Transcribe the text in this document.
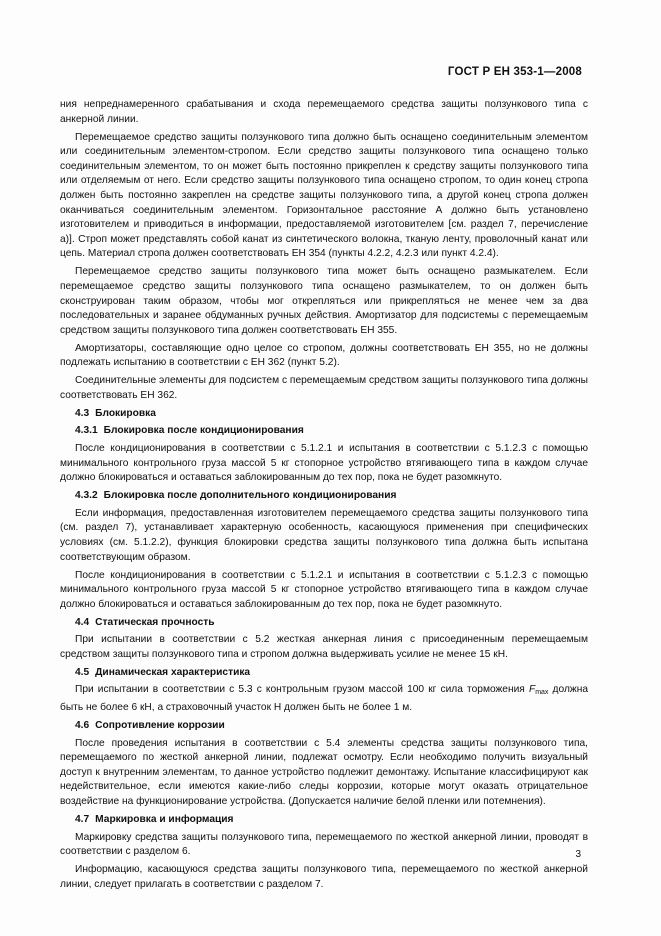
ГОСТ Р ЕН 353-1—2008

ния непреднамеренного срабатывания и схода перемещаемого средства защиты ползункового типа с анкерной линии.

Перемещаемое средство защиты ползункового типа должно быть оснащено соединительным элементом или соединительным элементом-стропом. Если средство защиты ползункового типа оснащено только соединительным элементом, то он может быть постоянно прикреплен к средству защиты ползункового типа или отделяемым от него. Если средство защиты ползункового типа оснащено стропом, то один конец стропа должен быть постоянно закреплен на средстве защиты ползункового типа, а другой конец стропа должен оканчиваться соединительным элементом. Горизонтальное расстояние А должно быть установлено изготовителем и приводиться в информации, предоставляемой изготовителем [см. раздел 7, перечисление а)]. Строп может представлять собой канат из синтетического волокна, тканую ленту, проволочный канат или цепь. Материал стропа должен соответствовать ЕН 354 (пункты 4.2.2, 4.2.3 или пункт 4.2.4).

Перемещаемое средство защиты ползункового типа может быть оснащено размыкателем. Если перемещаемое средство защиты ползункового типа оснащено размыкателем, то он должен быть сконструирован таким образом, чтобы мог открепляться или прикрепляться не менее чем за два последовательных и заранее обдуманных ручных действия. Амортизатор для подсистемы с перемещаемым средством защиты ползункового типа должен соответствовать ЕН 355.

Амортизаторы, составляющие одно целое со стропом, должны соответствовать ЕН 355, но не должны подлежать испытанию в соответствии с ЕН 362 (пункт 5.2).

Соединительные элементы для подсистем с перемещаемым средством защиты ползункового типа должны соответствовать ЕН 362.

4.3 Блокировка
4.3.1 Блокировка после кондиционирования

После кондиционирования в соответствии с 5.1.2.1 и испытания в соответствии с 5.1.2.3 с помощью минимального контрольного груза массой 5 кг стопорное устройство втягивающего типа в каждом случае должно блокироваться и оставаться заблокированным до тех пор, пока не будет разомкнуто.

4.3.2 Блокировка после дополнительного кондиционирования

Если информация, предоставленная изготовителем перемещаемого средства защиты ползункового типа (см. раздел 7), устанавливает характерную особенность, касающуюся применения при специфических условиях (см. 5.1.2.2), функция блокировки средства защиты ползункового типа должна быть испытана соответствующим образом.

После кондиционирования в соответствии с 5.1.2.1 и испытания в соответствии с 5.1.2.3 с помощью минимального контрольного груза массой 5 кг стопорное устройство втягивающего типа в каждом случае должно блокироваться и оставаться заблокированным до тех пор, пока не будет разомкнуто.

4.4 Статическая прочность

При испытании в соответствии с 5.2 жесткая анкерная линия с присоединенным перемещаемым средством защиты ползункового типа и стропом должна выдерживать усилие не менее 15 кН.

4.5 Динамическая характеристика

При испытании в соответствии с 5.3 с контрольным грузом массой 100 кг сила торможения $F_{max}$ должна быть не более 6 кН, а страховочный участок Н должен быть не более 1 м.

4.6 Сопротивление коррозии

После проведения испытания в соответствии с 5.4 элементы средства защиты ползункового типа, перемещаемого по жесткой анкерной линии, подлежат осмотру. Если необходимо получить визуальный доступ к внутренним элементам, то данное устройство подлежит демонтажу. Испытание классифицируют как недействительное, если имеются какие-либо следы коррозии, которые могут оказать отрицательное воздействие на функционирование устройства. (Допускается наличие белой пленки или потемнения).

4.7 Маркировка и информация

Маркировку средства защиты ползункового типа, перемещаемого по жесткой анкерной линии, проводят в соответствии с разделом 6.

Информацию, касающуюся средства защиты ползункового типа, перемещаемого по жесткой анкерной линии, следует прилагать в соответствии с разделом 7.

3
